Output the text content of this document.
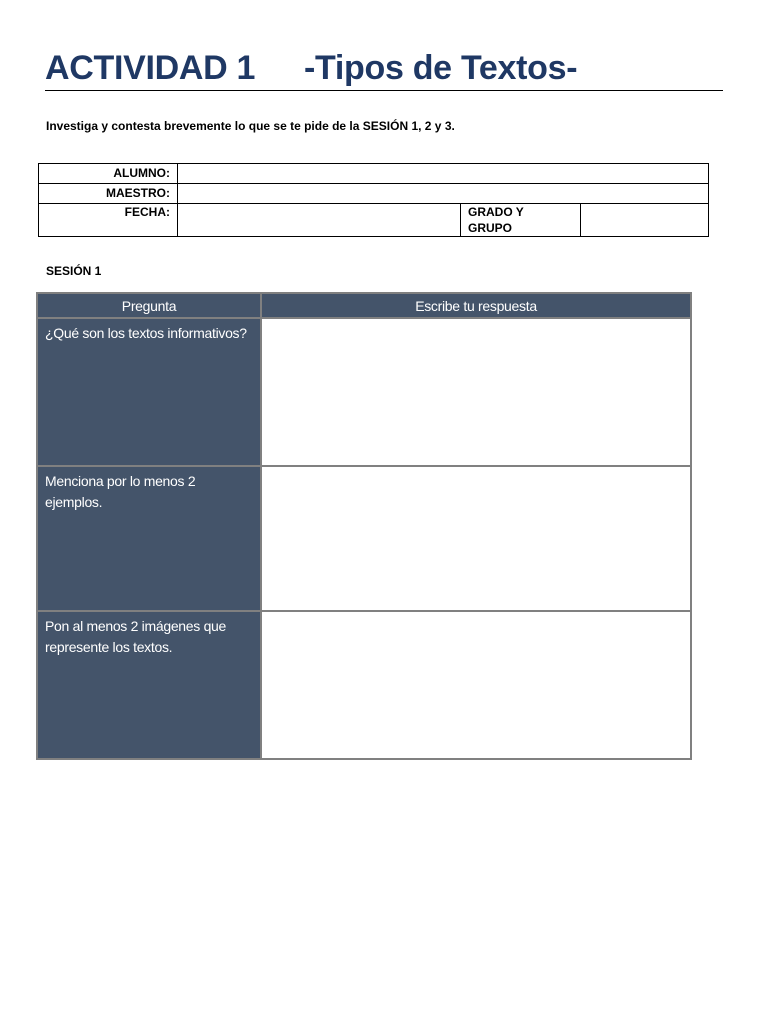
ACTIVIDAD 1 -Tipos de Textos-
Investiga y contesta brevemente lo que se te pide de la SESIÓN 1, 2 y 3.
ALUMNO:			
MAESTRO:			
FECHA:		GRADO Y
GRUPO	
SESIÓN 1
Pregunta	Escribe tu respuesta
¿Qué son los textos informativos?	
Menciona por lo menos 2 ejemplos.	
Pon al menos 2 imágenes que represente los textos.	
